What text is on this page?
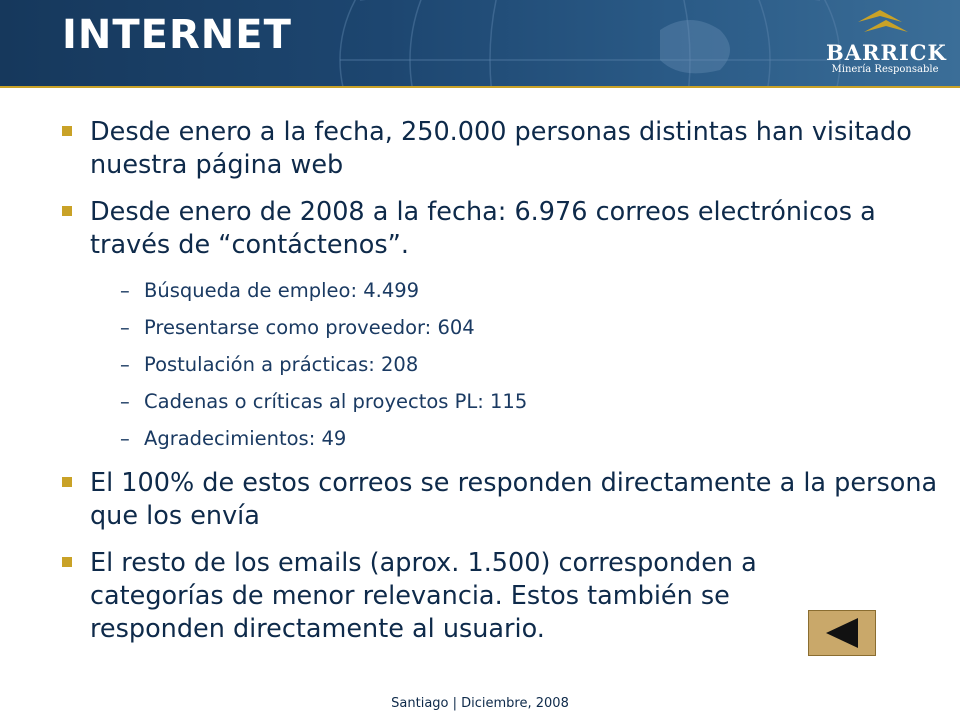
INTERNET	BARRICK
Minería Responsable
Desde enero a la fecha, 250.000 personas distintas han visitado nuestra página web
Desde enero de 2008 a la fecha: 6.976 correos electrónicos a través de “contáctenos”.
– Búsqueda de empleo: 4.499
– Presentarse como proveedor: 604
– Postulación a prácticas: 208
– Cadenas o críticas al proyectos PL: 115
– Agradecimientos: 49
El 100% de estos correos se responden directamente a la persona que los envía
El resto de los emails (aprox. 1.500) corresponden a categorías de menor relevancia. Estos también se responden directamente al usuario.
Santiago | Diciembre, 2008
